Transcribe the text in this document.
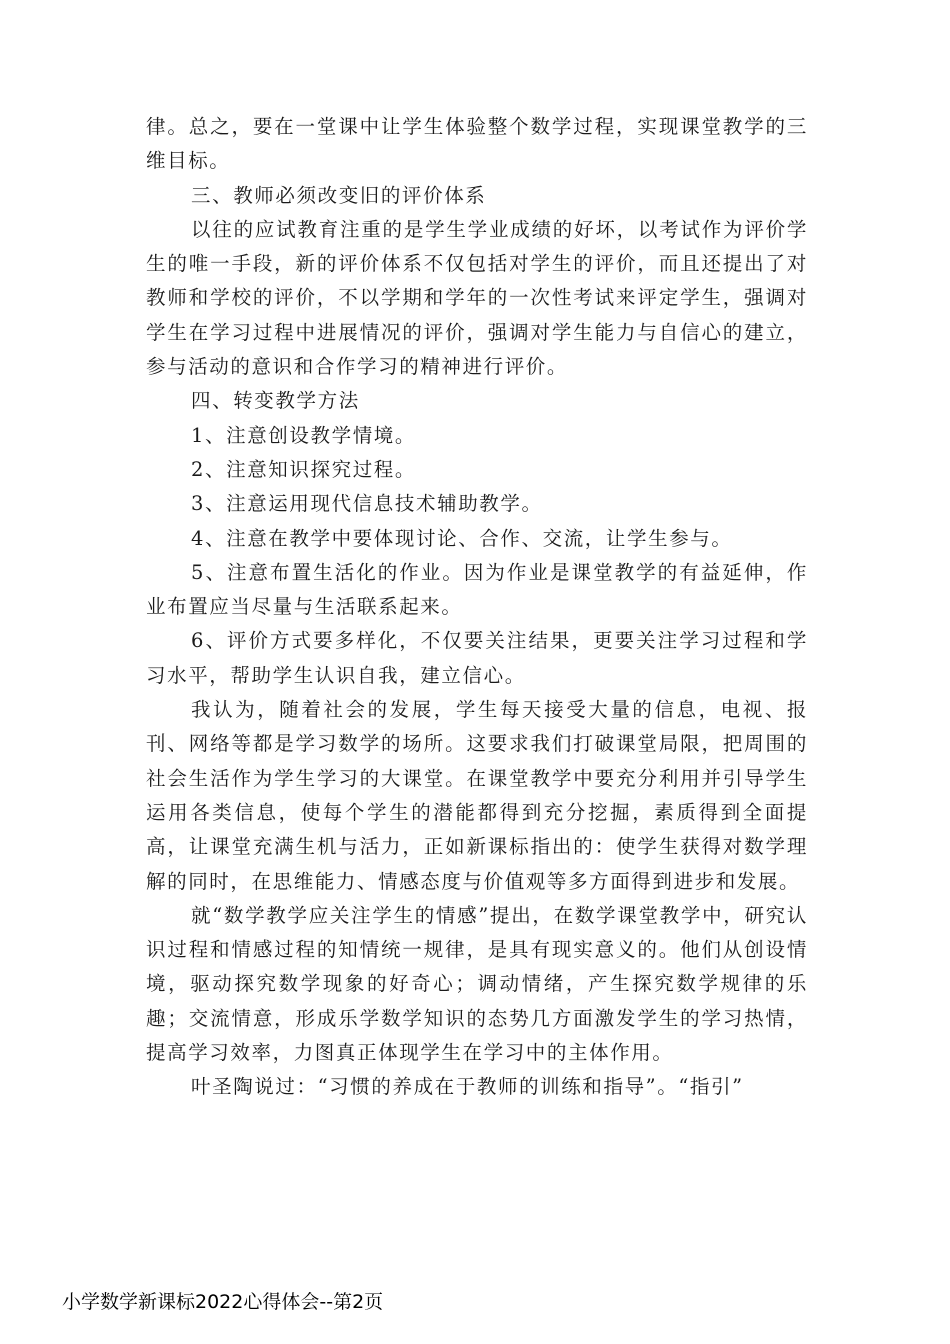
律。总之，要在一堂课中让学生体验整个数学过程，实现课堂教学的三维目标。

三、教师必须改变旧的评价体系

以往的应试教育注重的是学生学业成绩的好坏，以考试作为评价学生的唯一手段，新的评价体系不仅包括对学生的评价，而且还提出了对教师和学校的评价，不以学期和学年的一次性考试来评定学生，强调对学生在学习过程中进展情况的评价，强调对学生能力与自信心的建立，参与活动的意识和合作学习的精神进行评价。

四、转变教学方法

1、注意创设教学情境。

2、注意知识探究过程。

3、注意运用现代信息技术辅助教学。

4、注意在教学中要体现讨论、合作、交流，让学生参与。

5、注意布置生活化的作业。因为作业是课堂教学的有益延伸，作业布置应当尽量与生活联系起来。

6、评价方式要多样化，不仅要关注结果，更要关注学习过程和学习水平，帮助学生认识自我，建立信心。

我认为，随着社会的发展，学生每天接受大量的信息，电视、报刊、网络等都是学习数学的场所。这要求我们打破课堂局限，把周围的社会生活作为学生学习的大课堂。在课堂教学中要充分利用并引导学生运用各类信息，使每个学生的潜能都得到充分挖掘，素质得到全面提高，让课堂充满生机与活力，正如新课标指出的：使学生获得对数学理解的同时，在思维能力、情感态度与价值观等多方面得到进步和发展。

就“数学教学应关注学生的情感”提出，在数学课堂教学中，研究认识过程和情感过程的知情统一规律，是具有现实意义的。他们从创设情境，驱动探究数学现象的好奇心；调动情绪，产生探究数学规律的乐趣；交流情意，形成乐学数学知识的态势几方面激发学生的学习热情，提高学习效率，力图真正体现学生在学习中的主体作用。

叶圣陶说过：“习惯的养成在于教师的训练和指导”。“指引”

小学数学新课标2022心得体会--第2页
